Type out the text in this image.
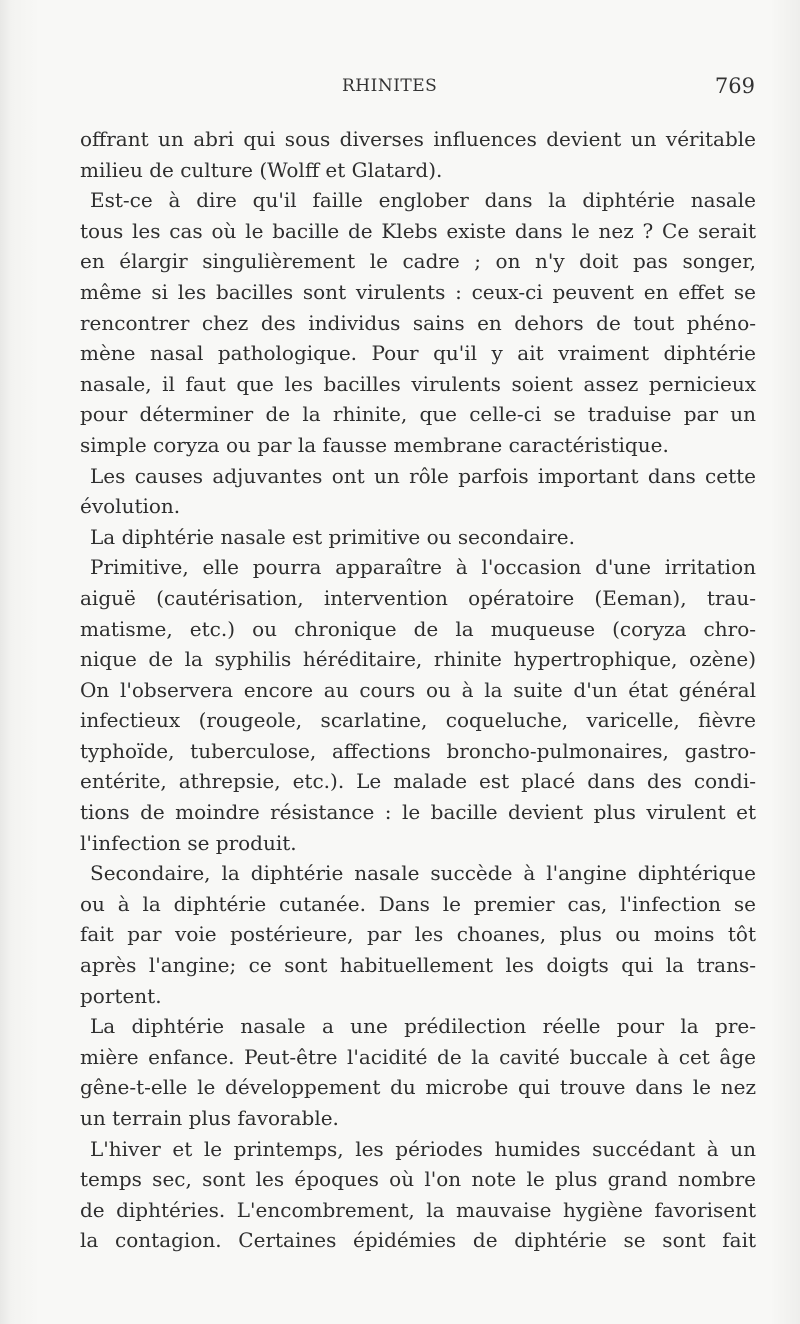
RHINITES	769
offrant un abri qui sous diverses influences devient un véritable
milieu de culture (Wolff et Glatard).
Est-ce à dire qu'il faille englober dans la diphtérie nasale
tous les cas où le bacille de Klebs existe dans le nez ? Ce serait
en élargir singulièrement le cadre ; on n'y doit pas songer,
même si les bacilles sont virulents : ceux-ci peuvent en effet se
rencontrer chez des individus sains en dehors de tout phéno-
mène nasal pathologique. Pour qu'il y ait vraiment diphtérie
nasale, il faut que les bacilles virulents soient assez pernicieux
pour déterminer de la rhinite, que celle-ci se traduise par un
simple coryza ou par la fausse membrane caractéristique.
Les causes adjuvantes ont un rôle parfois important dans cette
évolution.
La diphtérie nasale est primitive ou secondaire.
Primitive, elle pourra apparaître à l'occasion d'une irritation
aiguë (cautérisation, intervention opératoire (Eeman), trau-
matisme, etc.) ou chronique de la muqueuse (coryza chro-
nique de la syphilis héréditaire, rhinite hypertrophique, ozène)
On l'observera encore au cours ou à la suite d'un état général
infectieux (rougeole, scarlatine, coqueluche, varicelle, fièvre
typhoïde, tuberculose, affections broncho-pulmonaires, gastro-
entérite, athrepsie, etc.). Le malade est placé dans des condi-
tions de moindre résistance : le bacille devient plus virulent et
l'infection se produit.
Secondaire, la diphtérie nasale succède à l'angine diphtérique
ou à la diphtérie cutanée. Dans le premier cas, l'infection se
fait par voie postérieure, par les choanes, plus ou moins tôt
après l'angine; ce sont habituellement les doigts qui la trans-
portent.
La diphtérie nasale a une prédilection réelle pour la pre-
mière enfance. Peut-être l'acidité de la cavité buccale à cet âge
gêne-t-elle le développement du microbe qui trouve dans le nez
un terrain plus favorable.
L'hiver et le printemps, les périodes humides succédant à un
temps sec, sont les époques où l'on note le plus grand nombre
de diphtéries. L'encombrement, la mauvaise hygiène favorisent
la contagion. Certaines épidémies de diphtérie se sont fait
